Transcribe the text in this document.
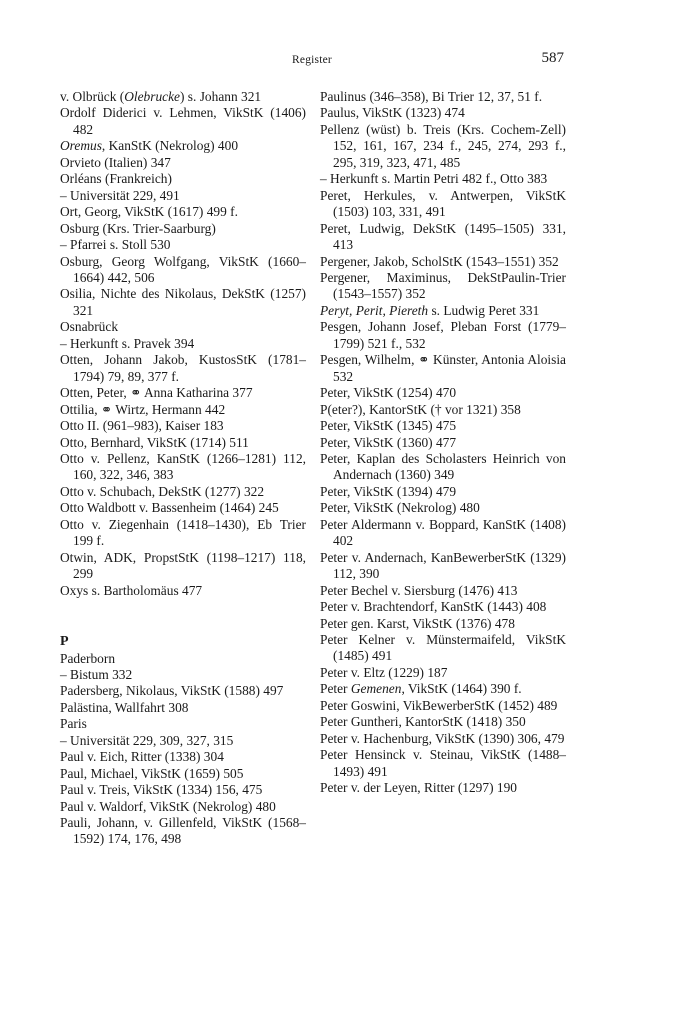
Register	587
v. Olbrück (Olebrucke) s. Johann 321
Ordolf Diderici v. Lehmen, VikStK (1406) 482
Oremus, KanStK (Nekrolog) 400
Orvieto (Italien) 347
Orléans (Frankreich)
– Universität 229, 491
Ort, Georg, VikStK (1617) 499 f.
Osburg (Krs. Trier-Saarburg)
– Pfarrei s. Stoll 530
Osburg, Georg Wolfgang, VikStK (1660–1664) 442, 506
Osilia, Nichte des Nikolaus, DekStK (1257) 321
Osnabrück
– Herkunft s. Pravek 394
Otten, Johann Jakob, KustosStK (1781–1794) 79, 89, 377 f.
Otten, Peter, ⚭ Anna Katharina 377
Ottilia, ⚭ Wirtz, Hermann 442
Otto II. (961–983), Kaiser 183
Otto, Bernhard, VikStK (1714) 511
Otto v. Pellenz, KanStK (1266–1281) 112, 160, 322, 346, 383
Otto v. Schubach, DekStK (1277) 322
Otto Waldbott v. Bassenheim (1464) 245
Otto v. Ziegenhain (1418–1430), Eb Trier 199 f.
Otwin, ADK, PropstStK (1198–1217) 118, 299
Oxys s. Bartholomäus 477
P
Paderborn
– Bistum 332
Padersberg, Nikolaus, VikStK (1588) 497
Palästina, Wallfahrt 308
Paris
– Universität 229, 309, 327, 315
Paul v. Eich, Ritter (1338) 304
Paul, Michael, VikStK (1659) 505
Paul v. Treis, VikStK (1334) 156, 475
Paul v. Waldorf, VikStK (Nekrolog) 480
Pauli, Johann, v. Gillenfeld, VikStK (1568–1592) 174, 176, 498
Paulinus (346–358), Bi Trier 12, 37, 51 f.
Paulus, VikStK (1323) 474
Pellenz (wüst) b. Treis (Krs. Cochem-Zell) 152, 161, 167, 234 f., 245, 274, 293 f., 295, 319, 323, 471, 485
– Herkunft s. Martin Petri 482 f., Otto 383
Peret, Herkules, v. Antwerpen, VikStK (1503) 103, 331, 491
Peret, Ludwig, DekStK (1495–1505) 331, 413
Pergener, Jakob, ScholStK (1543–1551) 352
Pergener, Maximinus, DekStPaulin-Trier (1543–1557) 352
Peryt, Perit, Piereth s. Ludwig Peret 331
Pesgen, Johann Josef, Pleban Forst (1779–1799) 521 f., 532
Pesgen, Wilhelm, ⚭ Künster, Antonia Aloisia 532
Peter, VikStK (1254) 470
P(eter?), KantorStK († vor 1321) 358
Peter, VikStK (1345) 475
Peter, VikStK (1360) 477
Peter, Kaplan des Scholasters Heinrich von Andernach (1360) 349
Peter, VikStK (1394) 479
Peter, VikStK (Nekrolog) 480
Peter Aldermann v. Boppard, KanStK (1408) 402
Peter v. Andernach, KanBewerberStK (1329) 112, 390
Peter Bechel v. Siersburg (1476) 413
Peter v. Brachtendorf, KanStK (1443) 408
Peter gen. Karst, VikStK (1376) 478
Peter Kelner v. Münstermaifeld, VikStK (1485) 491
Peter v. Eltz (1229) 187
Peter Gemenen, VikStK (1464) 390 f.
Peter Goswini, VikBewerberStK (1452) 489
Peter Guntheri, KantorStK (1418) 350
Peter v. Hachenburg, VikStK (1390) 306, 479
Peter Hensinck v. Steinau, VikStK (1488–1493) 491
Peter v. der Leyen, Ritter (1297) 190
